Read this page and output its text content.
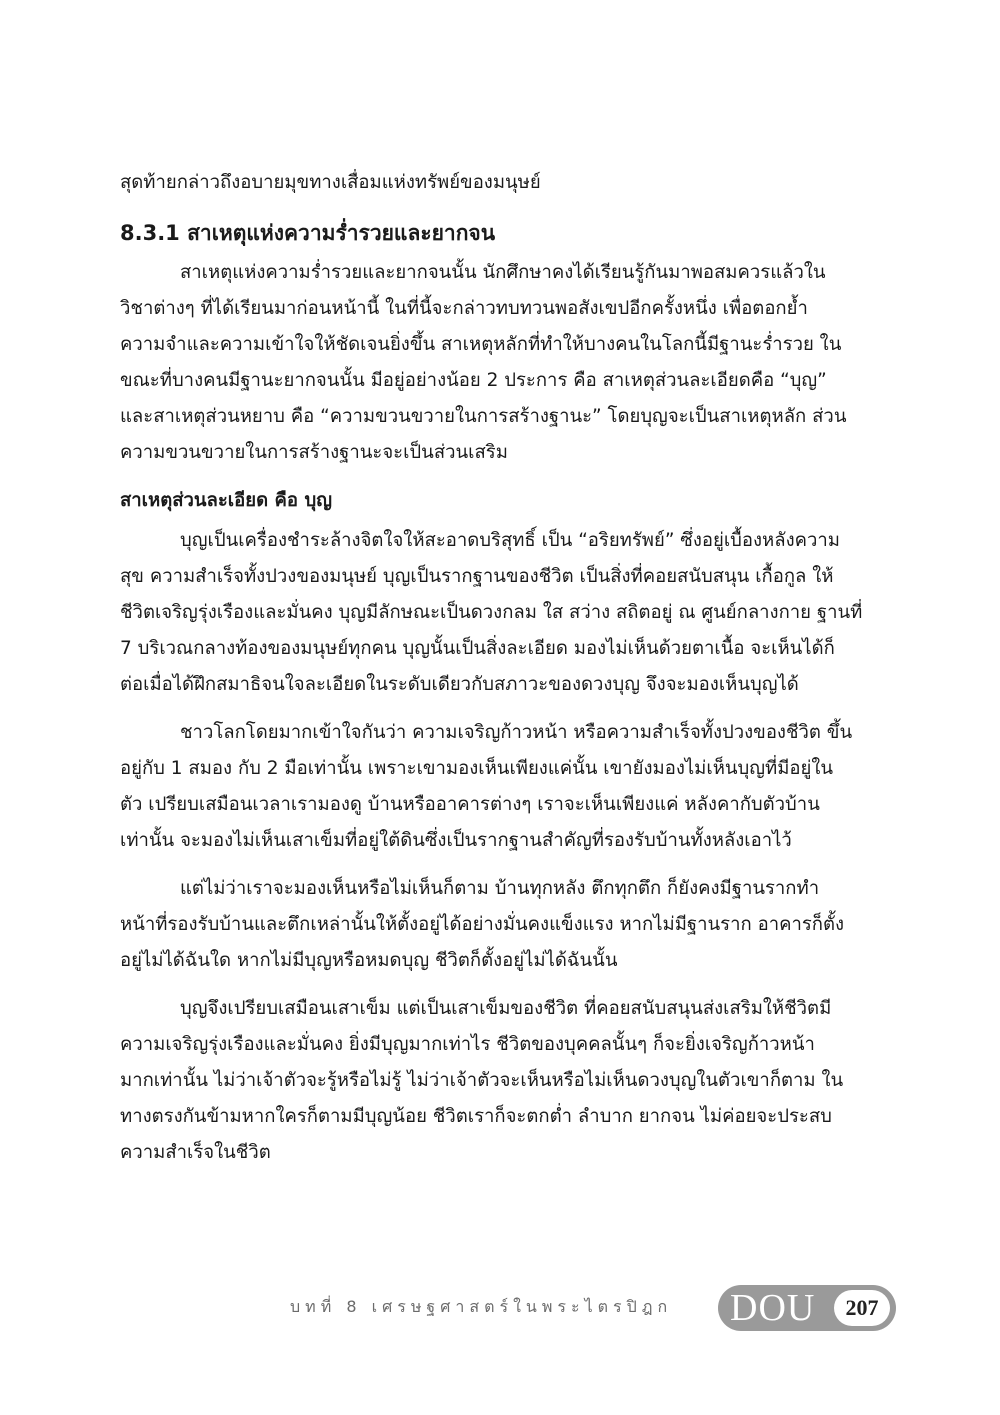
สุดท้ายกล่าวถึงอบายมุขทางเสื่อมแห่งทรัพย์ของมนุษย์
8.3.1 สาเหตุแห่งความร่ำรวยและยากจน
สาเหตุแห่งความร่ำรวยและยากจนนั้น นักศึกษาคงได้เรียนรู้กันมาพอสมควรแล้วใน
วิชาต่างๆ ที่ได้เรียนมาก่อนหน้านี้ ในที่นี้จะกล่าวทบทวนพอสังเขปอีกครั้งหนึ่ง เพื่อตอกย้ำ
ความจำและความเข้าใจให้ชัดเจนยิ่งขึ้น สาเหตุหลักที่ทำให้บางคนในโลกนี้มีฐานะร่ำรวย ใน
ขณะที่บางคนมีฐานะยากจนนั้น มีอยู่อย่างน้อย 2 ประการ คือ สาเหตุส่วนละเอียดคือ “บุญ”
และสาเหตุส่วนหยาบ คือ “ความขวนขวายในการสร้างฐานะ” โดยบุญจะเป็นสาเหตุหลัก ส่วน
ความขวนขวายในการสร้างฐานะจะเป็นส่วนเสริม
สาเหตุส่วนละเอียด คือ บุญ
บุญเป็นเครื่องชำระล้างจิตใจให้สะอาดบริสุทธิ์ เป็น “อริยทรัพย์” ซึ่งอยู่เบื้องหลังความ
สุข ความสำเร็จทั้งปวงของมนุษย์ บุญเป็นรากฐานของชีวิต เป็นสิ่งที่คอยสนับสนุน เกื้อกูล ให้
ชีวิตเจริญรุ่งเรืองและมั่นคง บุญมีลักษณะเป็นดวงกลม ใส สว่าง สถิตอยู่ ณ ศูนย์กลางกาย ฐานที่
7 บริเวณกลางท้องของมนุษย์ทุกคน บุญนั้นเป็นสิ่งละเอียด มองไม่เห็นด้วยตาเนื้อ จะเห็นได้ก็
ต่อเมื่อได้ฝึกสมาธิจนใจละเอียดในระดับเดียวกับสภาวะของดวงบุญ จึงจะมองเห็นบุญได้
ชาวโลกโดยมากเข้าใจกันว่า ความเจริญก้าวหน้า หรือความสำเร็จทั้งปวงของชีวิต ขึ้น
อยู่กับ 1 สมอง กับ 2 มือเท่านั้น เพราะเขามองเห็นเพียงแค่นั้น เขายังมองไม่เห็นบุญที่มีอยู่ใน
ตัว เปรียบเสมือนเวลาเรามองดู บ้านหรืออาคารต่างๆ เราจะเห็นเพียงแค่ หลังคากับตัวบ้าน
เท่านั้น จะมองไม่เห็นเสาเข็มที่อยู่ใต้ดินซึ่งเป็นรากฐานสำคัญที่รองรับบ้านทั้งหลังเอาไว้
แต่ไม่ว่าเราจะมองเห็นหรือไม่เห็นก็ตาม บ้านทุกหลัง ตึกทุกตึก ก็ยังคงมีฐานรากทำ
หน้าที่รองรับบ้านและตึกเหล่านั้นให้ตั้งอยู่ได้อย่างมั่นคงแข็งแรง หากไม่มีฐานราก อาคารก็ตั้ง
อยู่ไม่ได้ฉันใด หากไม่มีบุญหรือหมดบุญ ชีวิตก็ตั้งอยู่ไม่ได้ฉันนั้น
บุญจึงเปรียบเสมือนเสาเข็ม แต่เป็นเสาเข็มของชีวิต ที่คอยสนับสนุนส่งเสริมให้ชีวิตมี
ความเจริญรุ่งเรืองและมั่นคง ยิ่งมีบุญมากเท่าไร ชีวิตของบุคคลนั้นๆ ก็จะยิ่งเจริญก้าวหน้า
มากเท่านั้น ไม่ว่าเจ้าตัวจะรู้หรือไม่รู้ ไม่ว่าเจ้าตัวจะเห็นหรือไม่เห็นดวงบุญในตัวเขาก็ตาม ใน
ทางตรงกันข้ามหากใครก็ตามมีบุญน้อย ชีวิตเราก็จะตกต่ำ ลำบาก ยากจน ไม่ค่อยจะประสบ
ความสำเร็จในชีวิต
บทที่ 8 เศรษฐศาสตร์ในพระไตรปิฎก DOU	207
